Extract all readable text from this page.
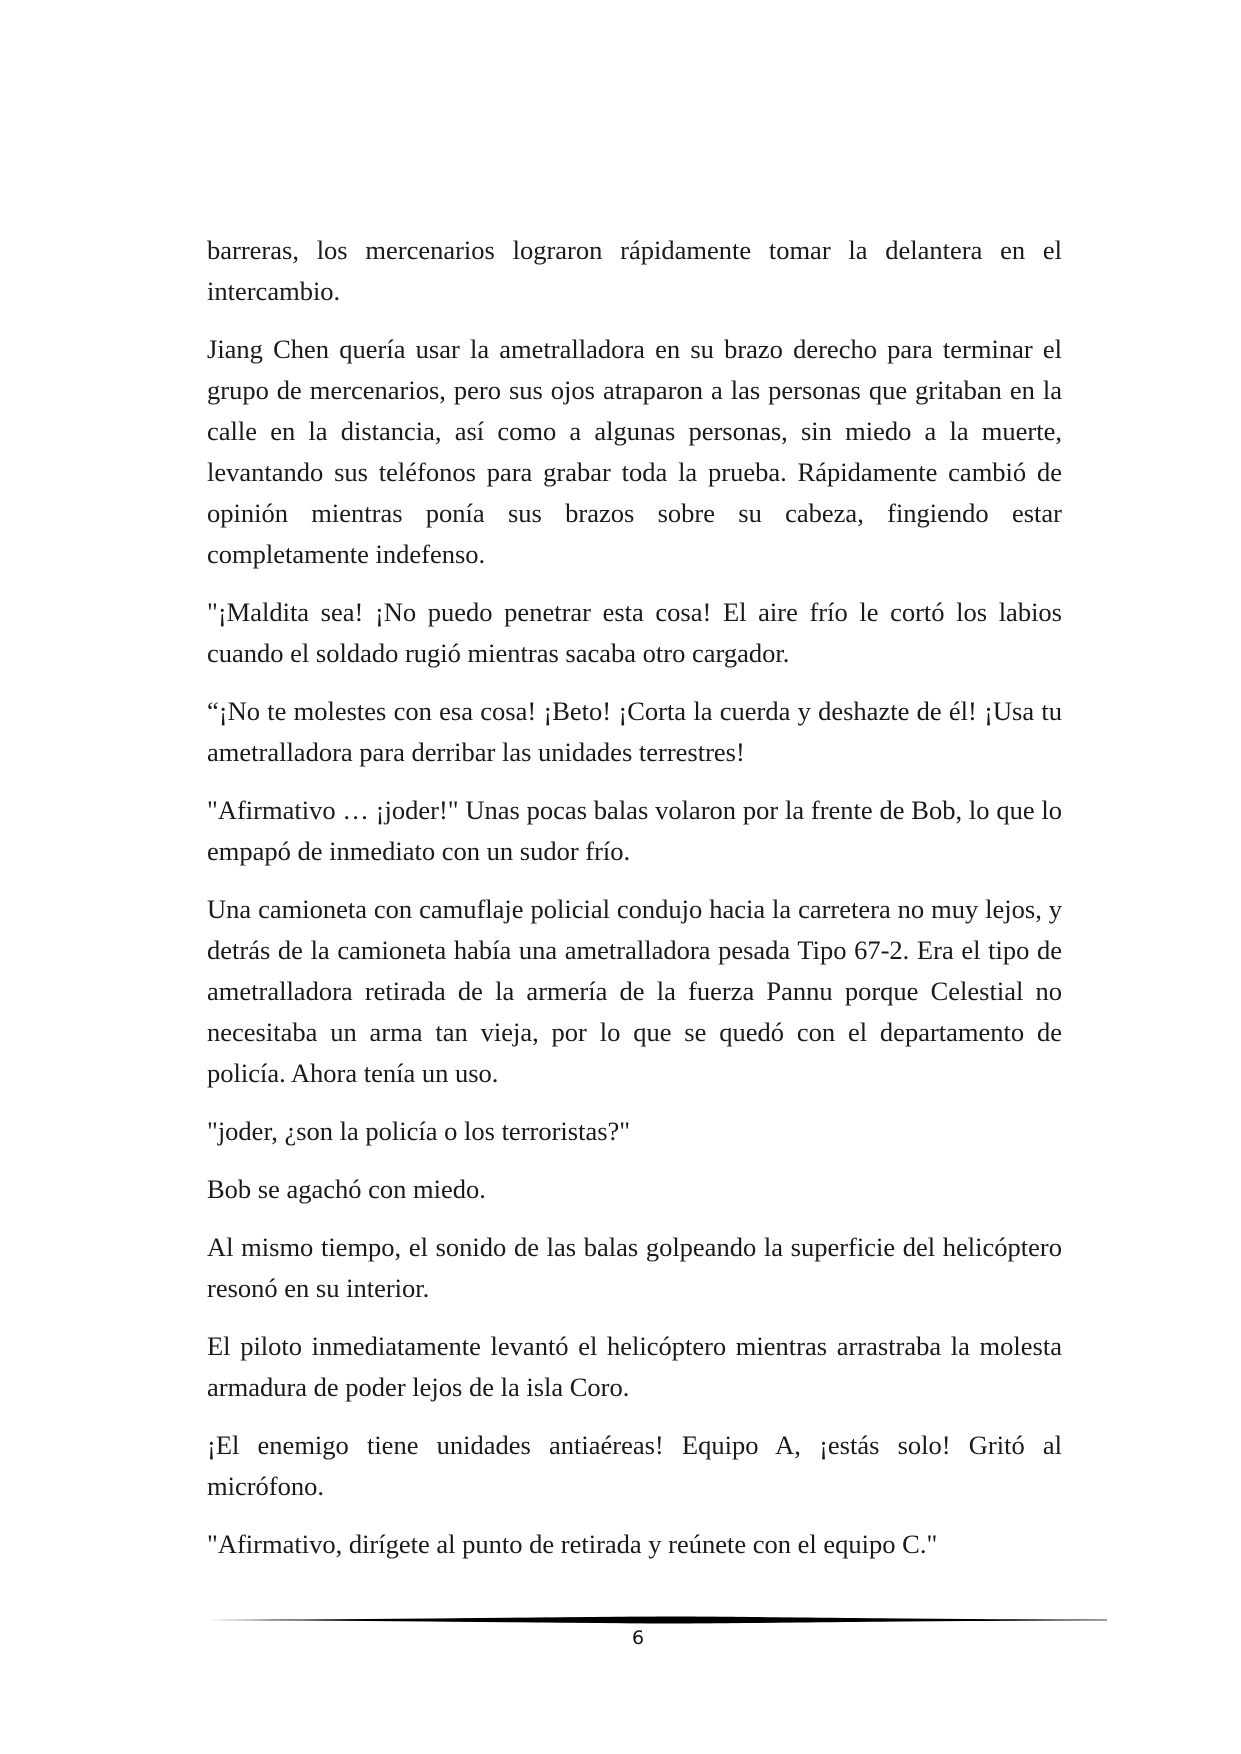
barreras, los mercenarios lograron rápidamente tomar la delantera en el intercambio.

Jiang Chen quería usar la ametralladora en su brazo derecho para terminar el grupo de mercenarios, pero sus ojos atraparon a las personas que gritaban en la calle en la distancia, así como a algunas personas, sin miedo a la muerte, levantando sus teléfonos para grabar toda la prueba. Rápidamente cambió de opinión mientras ponía sus brazos sobre su cabeza, fingiendo estar completamente indefenso.

"¡Maldita sea! ¡No puedo penetrar esta cosa! El aire frío le cortó los labios cuando el soldado rugió mientras sacaba otro cargador.

“¡No te molestes con esa cosa! ¡Beto! ¡Corta la cuerda y deshazte de él! ¡Usa tu ametralladora para derribar las unidades terrestres!

"Afirmativo … ¡joder!" Unas pocas balas volaron por la frente de Bob, lo que lo empapó de inmediato con un sudor frío.

Una camioneta con camuflaje policial condujo hacia la carretera no muy lejos, y detrás de la camioneta había una ametralladora pesada Tipo 67-2. Era el tipo de ametralladora retirada de la armería de la fuerza Pannu porque Celestial no necesitaba un arma tan vieja, por lo que se quedó con el departamento de policía. Ahora tenía un uso.

"joder, ¿son la policía o los terroristas?"

Bob se agachó con miedo.

Al mismo tiempo, el sonido de las balas golpeando la superficie del helicóptero resonó en su interior.

El piloto inmediatamente levantó el helicóptero mientras arrastraba la molesta armadura de poder lejos de la isla Coro.

¡El enemigo tiene unidades antiaéreas! Equipo A, ¡estás solo! Gritó al micrófono.

"Afirmativo, dirígete al punto de retirada y reúnete con el equipo C."

6
